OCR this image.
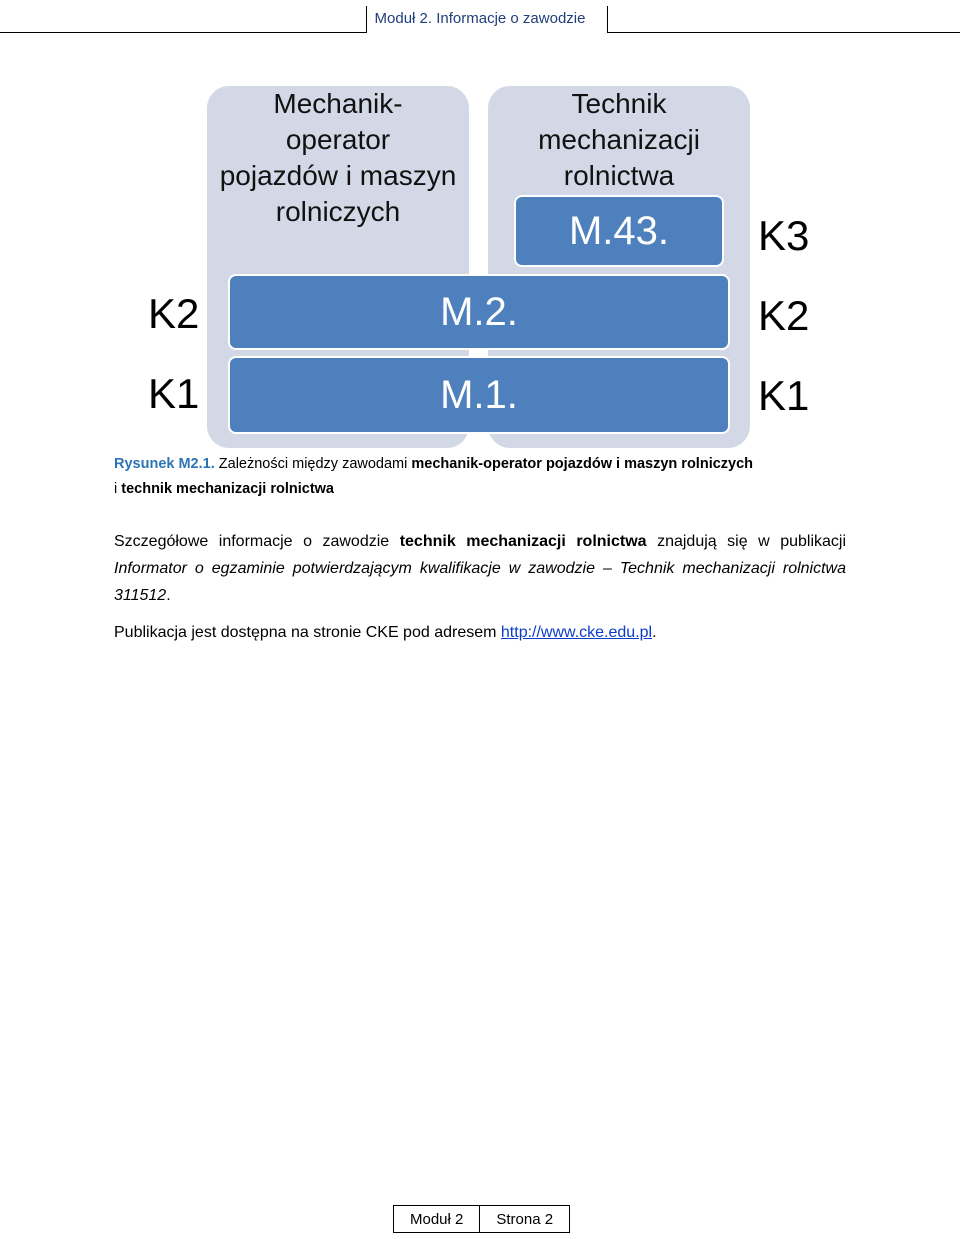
Moduł 2. Informacje o zawodzie
Mechanik-
operator
pojazdów i maszyn
rolniczych
Technik
mechanizacji
rolnictwa
M.43.
M.2.
M.1.
K2
K1
K3
K2
K1
Rysunek M2.1. Zależności między zawodami mechanik-operator pojazdów i maszyn rolniczych
i technik mechanizacji rolnictwa
Szczegółowe informacje o zawodzie technik mechanizacji rolnictwa znajdują się w publikacji Informator o egzaminie potwierdzającym kwalifikacje w zawodzie – Technik mechanizacji rolnictwa 311512.
Publikacja jest dostępna na stronie CKE pod adresem http://www.cke.edu.pl.
Moduł 2	Strona 2
